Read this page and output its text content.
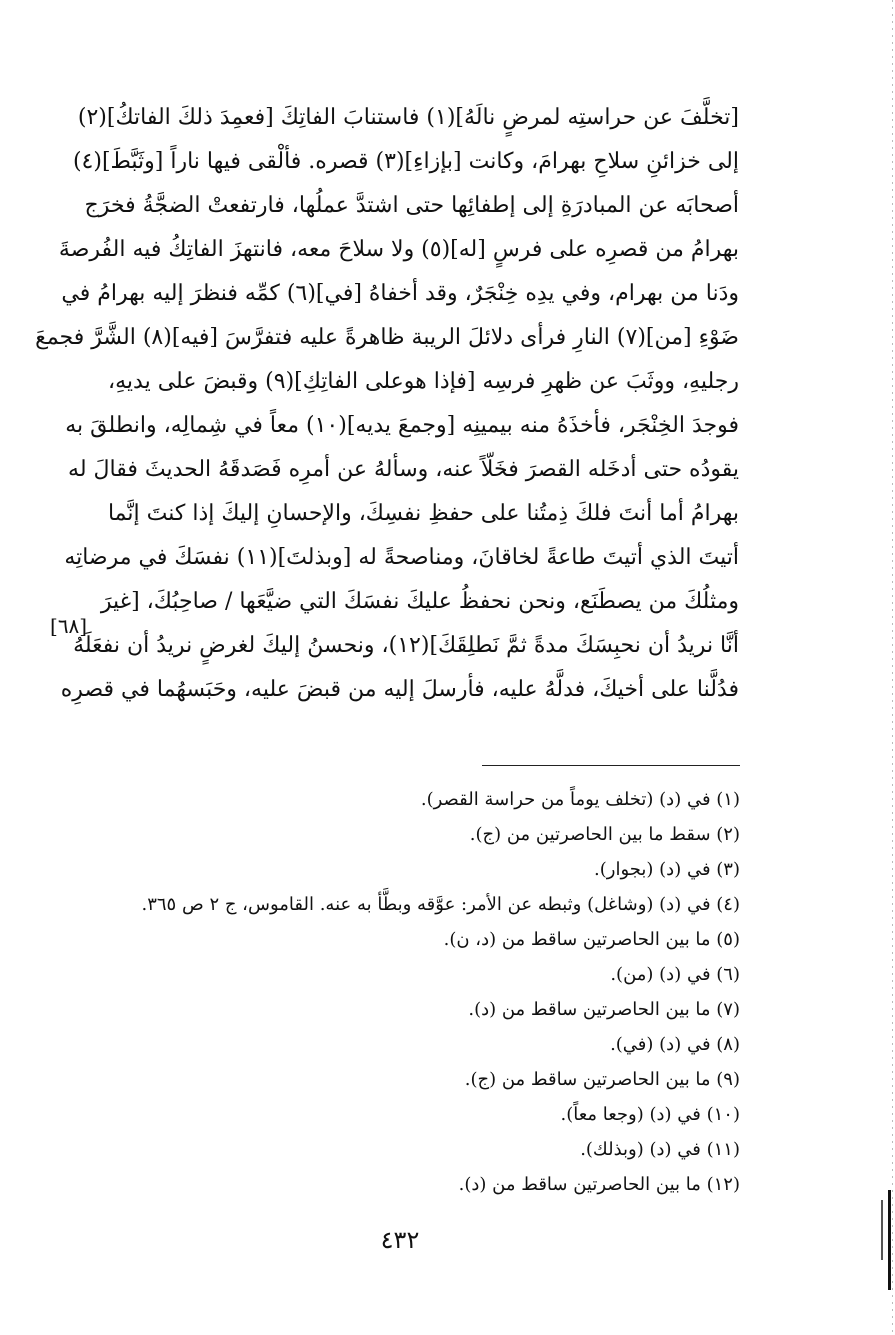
[تخلَّفَ عن حراستِه لمرضٍ نالَهُ](١) فاستنابَ الفاتِكَ [فعمِدَ ذلكَ الفاتكُ](٢)
إلى خزائنِ سلاحِ بهرامَ، وكانت [بإزاءِ](٣) قصره. فألْقى فيها ناراً [وثَبَّطَ](٤)
أصحابَه عن المبادرَةِ إلى إطفائِها حتى اشتدَّ عملُها، فارتفعتْ الضجَّةُ فخرَج
بهرامُ من قصرِه على فرسٍ [له](٥) ولا سلاحَ معه، فانتهزَ الفاتِكُ فيه الفُرصةَ
ودَنا من بهرام، وفي يدِه خِنْجَرٌ، وقد أخفاهُ [في](٦) كمِّه فنظرَ إليه بهرامُ في
ضَوْءِ [من](٧) النارِ فرأى دلائلَ الريبة ظاهرةً عليه فتفرَّسَ [فيه](٨) الشَّرَّ فجمعَ
رجليهِ، ووثَبَ عن ظهرِ فرسِه [فإذا هوعلى الفاتِكِ](٩) وقبضَ على يديهِ،
فوجدَ الخِنْجَر، فأخذَهُ منه بيمينِه [وجمعَ يديه](١٠) معاً في شِمالِه، وانطلقَ به
يقودُه حتى أدخَله القصرَ فخَلّاً عنه، وسألهُ عن أمرِه فَصَدقَهُ الحديثَ فقالَ له
بهرامُ أما أنتَ فلكَ ذِمتُنا على حفظِ نفسِكَ، والإحسانِ إليكَ إذا كنتَ إنَّما
أتيتَ الذي أتيتَ طاعةً لخاقانَ، ومناصحةً له [وبذلتَ](١١) نفسَكَ في مرضاتِه
ومثلُكَ من يصطَنَع، ونحن نحفظُ عليكَ نفسَكَ التي ضيَّعَها / صاحِبُكَ، [غيرَ
أنَّا نريدُ أن نحبِسَكَ مدةً ثمَّ نَطلِقَكَ](١٢)، ونحسنُ إليكَ لغرضٍ نريدُ أن نفعَلَهُ
فدُلَّنا على أخيكَ، فدلَّهُ عليه، فأرسلَ إليه من قبضَ عليه، وحَبَسهُما في قصرِه
[٦٨]
(١) في (د) (تخلف يوماً من حراسة القصر).
(٢) سقط ما بين الحاصرتين من (ج).
(٣) في (د) (بجوار).
(٤) في (د) (وشاغل) وثبطه عن الأمر: عوَّقه وبطَّأ به عنه. القاموس، ج ٢ ص ٣٦٥.
(٥) ما بين الحاصرتين ساقط من (د، ن).
(٦) في (د) (من).
(٧) ما بين الحاصرتين ساقط من (د).
(٨) في (د) (في).
(٩) ما بين الحاصرتين ساقط من (ج).
(١٠) في (د) (وجعا معاً).
(١١) في (د) (وبذلك).
(١٢) ما بين الحاصرتين ساقط من (د).
٤٣٢
